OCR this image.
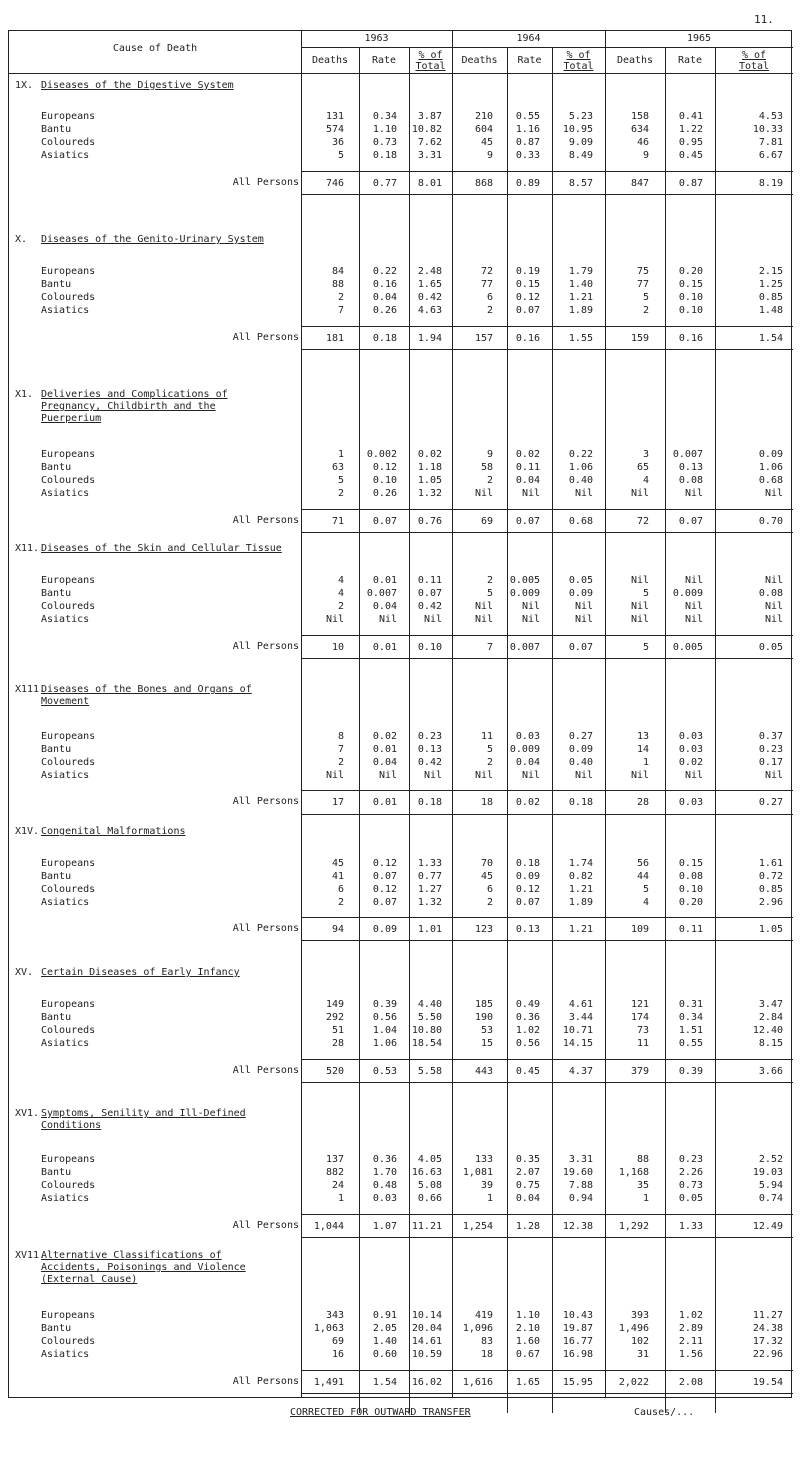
11.
Cause of Death
1963	1964	1965
Deaths	Rate	% of
Total
Deaths	Rate	% of
Total
Deaths	Rate	% of
Total
1X. Diseases of the Digestive System
Europeans	131	0.34	3.87	210	0.55	5.23	158	0.41	4.53
Bantu	574	1.10	10.82	604	1.16	10.95	634	1.22	10.33
Coloureds	36	0.73	7.62	45	0.87	9.09	46	0.95	7.81
Asiatics	5	0.18	3.31	9	0.33	8.49	9	0.45	6.67
All Persons	746	0.77	8.01	868	0.89	8.57	847	0.87	8.19
X. Diseases of the Genito-Urinary System
Europeans	84	0.22	2.48	72	0.19	1.79	75	0.20	2.15
Bantu	88	0.16	1.65	77	0.15	1.40	77	0.15	1.25
Coloureds	2	0.04	0.42	6	0.12	1.21	5	0.10	0.85
Asiatics	7	0.26	4.63	2	0.07	1.89	2	0.10	1.48
All Persons	181	0.18	1.94	157	0.16	1.55	159	0.16	1.54
X1. Deliveries and Complications of
Pregnancy, Childbirth and the
Puerperium
Europeans	1	0.002	0.02	9	0.02	0.22	3	0.007	0.09
Bantu	63	0.12	1.18	58	0.11	1.06	65	0.13	1.06
Coloureds	5	0.10	1.05	2	0.04	0.40	4	0.08	0.68
Asiatics	2	0.26	1.32	Nil	Nil	Nil	Nil	Nil	Nil
All Persons	71	0.07	0.76	69	0.07	0.68	72	0.07	0.70
X11. Diseases of the Skin and Cellular Tissue
Europeans	4	0.01	0.11	2	0.005	0.05	Nil	Nil	Nil
Bantu	4	0.007	0.07	5	0.009	0.09	5	0.009	0.08
Coloureds	2	0.04	0.42	Nil	Nil	Nil	Nil	Nil	Nil
Asiatics	Nil	Nil	Nil	Nil	Nil	Nil	Nil	Nil	Nil
All Persons	10	0.01	0.10	7	0.007	0.07	5	0.005	0.05
X111.Diseases of the Bones and Organs of
Movement
Europeans	8	0.02	0.23	11	0.03	0.27	13	0.03	0.37
Bantu	7	0.01	0.13	5	0.009	0.09	14	0.03	0.23
Coloureds	2	0.04	0.42	2	0.04	0.40	1	0.02	0.17
Asiatics	Nil	Nil	Nil	Nil	Nil	Nil	Nil	Nil	Nil
All Persons	17	0.01	0.18	18	0.02	0.18	28	0.03	0.27
X1V. Congenital Malformations
Europeans	45	0.12	1.33	70	0.18	1.74	56	0.15	1.61
Bantu	41	0.07	0.77	45	0.09	0.82	44	0.08	0.72
Coloureds	6	0.12	1.27	6	0.12	1.21	5	0.10	0.85
Asiatics	2	0.07	1.32	2	0.07	1.89	4	0.20	2.96
All Persons	94	0.09	1.01	123	0.13	1.21	109	0.11	1.05
XV. Certain Diseases of Early Infancy
Europeans	149	0.39	4.40	185	0.49	4.61	121	0.31	3.47
Bantu	292	0.56	5.50	190	0.36	3.44	174	0.34	2.84
Coloureds	51	1.04	10.80	53	1.02	10.71	73	1.51	12.40
Asiatics	28	1.06	18.54	15	0.56	14.15	11	0.55	8.15
All Persons	520	0.53	5.58	443	0.45	4.37	379	0.39	3.66
XV1. Symptoms, Senility and Ill-Defined
Conditions
Europeans	137	0.36	4.05	133	0.35	3.31	88	0.23	2.52
Bantu	882	1.70	16.63	1,081	2.07	19.60	1,168	2.26	19.03
Coloureds	24	0.48	5.08	39	0.75	7.88	35	0.73	5.94
Asiatics	1	0.03	0.66	1	0.04	0.94	1	0.05	0.74
All Persons	1,044	1.07	11.21	1,254	1.28	12.38	1,292	1.33	12.49
XV11.Alternative Classifications of
Accidents, Poisonings and Violence
(External Cause)
Europeans	343	0.91	10.14	419	1.10	10.43	393	1.02	11.27
Bantu	1,063	2.05	20.04	1,096	2.10	19.87	1,496	2.89	24.38
Coloureds	69	1.40	14.61	83	1.60	16.77	102	2.11	17.32
Asiatics	16	0.60	10.59	18	0.67	16.98	31	1.56	22.96
All Persons	1,491	1.54	16.02	1,616	1.65	15.95	2,022	2.08	19.54
CORRECTED FOR OUTWARD TRANSFER	Causes/...
